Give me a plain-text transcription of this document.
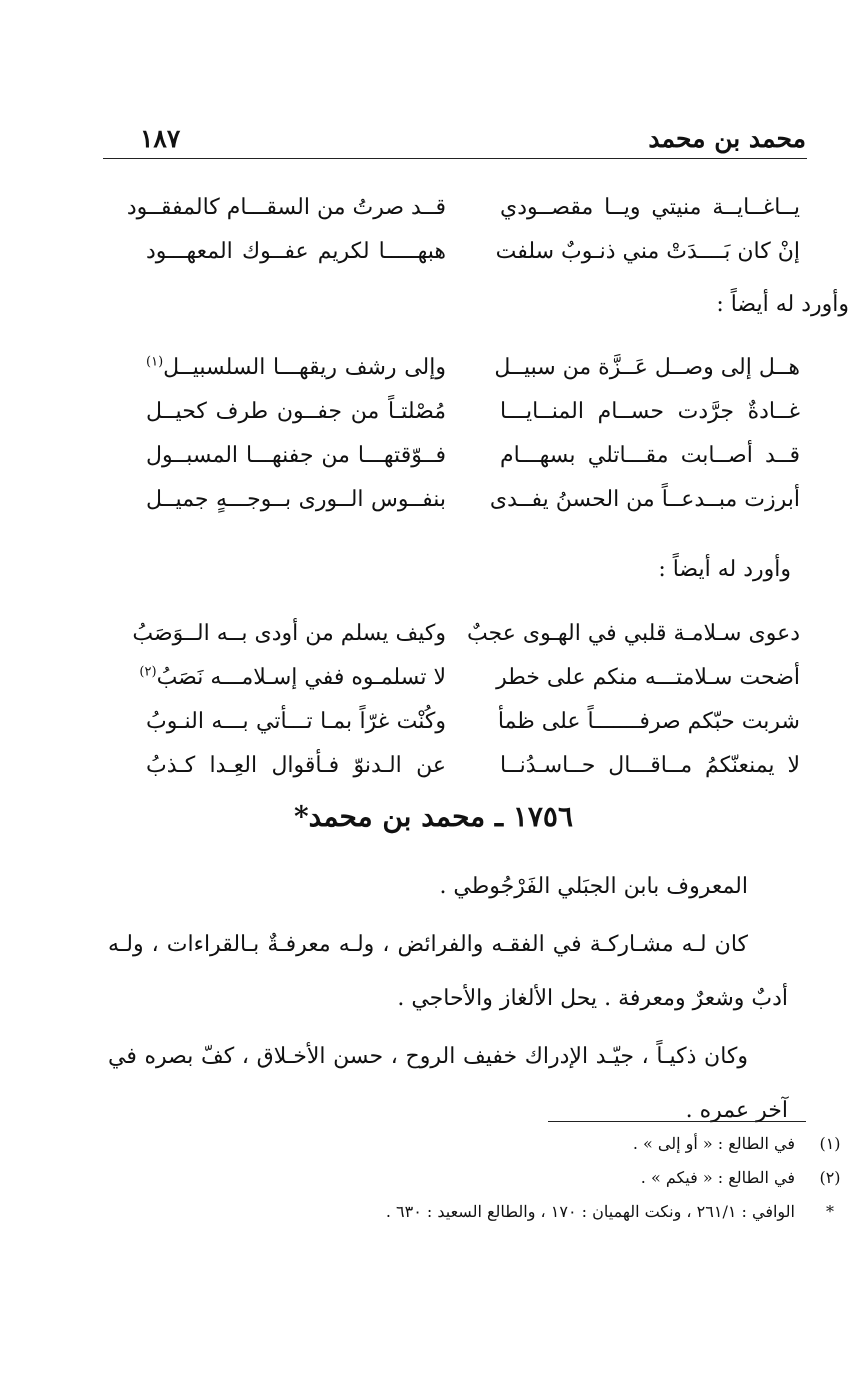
محمد بن محمد
١٨٧
يــاغــايــة منيتي ويــا مقصــودي
قــد صرتُ من السقـــام كالمفقــود
إنْ كان بَــــدَتْ مني ذنـوبٌ سلفت
هبهـــــا لكريم عفــوك المعهـــود
وأورد له أيضاً :
هــل إلى وصــل عَــزَّة من سبيــل
وإلى رشف ريقهـــا السلسبيــل$^{(١)}$
غــادةٌ جرَّدت حســام المنــايـــا
مُصْلتـاً من جفــون طرف كحيــل
قــد أصــابت مقـــاتلي بسهـــام
فــوّقتهـــا من جفنهـــا المسبــول
أبرزت مبــدعــاً من الحسنُ يفــدى
بنفــوس الــورى بــوجـــهٍ جميــل
وأورد له أيضاً :
دعوى سـلامـة قلبي في الهـوى عجبٌ
وكيف يسلم من أودى بــه الــوَصَبُ
أضحت سـلامتـــه منكم على خطر
لا تسلمـوه ففي إسـلامـــه نَصَبُ$^{(٢)}$
شربت حبّكم صرفـــــــاً على ظمأ
وكُنْت غرّاً بمـا تـــأتي بـــه النـوبُ
لا يمنعنّكمُ مــاقـــال حــاسـدُنــا
عن الـدنوّ فـأقوال العِـدا كـذبُ
١٧٥٦ ـ محمد بن محمد*

المعروف بابن الجبَلي الفَرْجُوطي .

كان لـه مشـاركـة في الفقـه والفرائض ، ولـه معرفـةٌ بـالقراءات ، ولـه أدبٌ وشعرٌ ومعرفة . يحل الألغاز والأحاجي .

وكان ذكيـاً ، جيّـد الإدراك خفيف الروح ، حسن الأخـلاق ، كفّ بصره في آخر عمره .

(١)
في الطالع : « أو إلى » .
(٢)
في الطالع : « فيكم » .
*
الوافي : ٢٦١/١ ، ونكت الهميان : ١٧٠ ، والطالع السعيد : ٦٣٠ .
